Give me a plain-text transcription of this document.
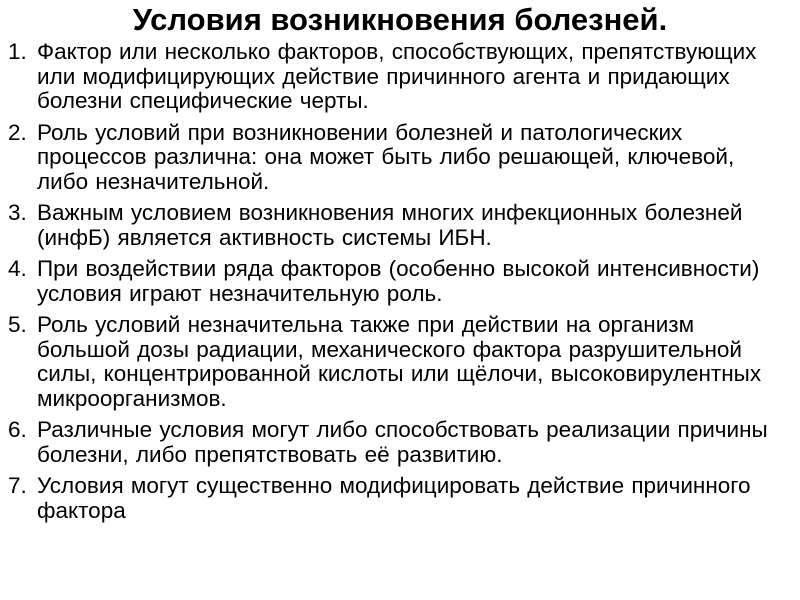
Условия возникновения болезней.
1. Фактор или несколько факторов, способствующих, препятствующих или модифицирующих действие причинного агента и придающих болезни специфические черты.
2. Роль условий при возникновении болезней и патологических процессов различна: она может быть либо решающей, ключевой, либо незначительной.
3. Важным условием возникновения многих инфекционных болезней (инфБ) является активность системы ИБН.
4. При воздействии ряда факторов (особенно высокой интенсивности) условия играют незначительную роль.
5. Роль условий незначительна также при действии на организм большой дозы радиации, механического фактора разрушительной силы, концентрированной кислоты или щёлочи, высоковирулентных микроорганизмов.
6. Различные условия могут либо способствовать реализации причины болезни, либо препятствовать её развитию.
7. Условия могут существенно модифицировать действие причинного фактора
